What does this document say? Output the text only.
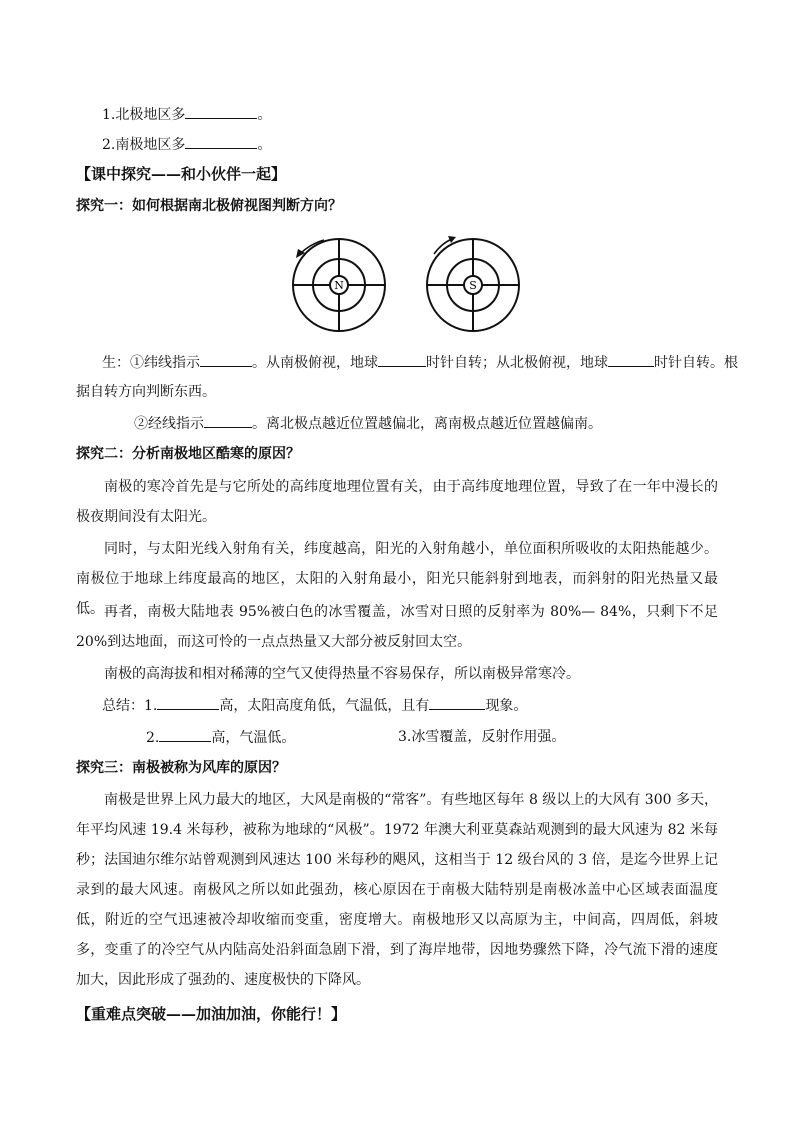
1.北极地区多	。
2.南极地区多	。
【课中探究——和小伙伴一起】
探究一：如何根据南北极俯视图判断方向？
N	S
生：①纬线指示	。从南极俯视，地球	时针自转；从北极俯视，地球	时针自转。根
据自转方向判断东西。
②经线指示	。离北极点越近位置越偏北，离南极点越近位置越偏南。
探究二：分析南极地区酷寒的原因？
南极的寒冷首先是与它所处的高纬度地理位置有关，由于高纬度地理位置，导致了在一年中漫长的极夜期间没有太阳光。
同时，与太阳光线入射角有关，纬度越高，阳光的入射角越小，单位面积所吸收的太阳热能越少。南极位于地球上纬度最高的地区，太阳的入射角最小，阳光只能斜射到地表，而斜射的阳光热量又最低。 再者，南极大陆地表 95%被白色的冰雪覆盖，冰雪对日照的反射率为 80%— 84%，只剩下不足 20%到达地面，而这可怜的一点点热量又大部分被反射回太空。
南极的高海拔和相对稀薄的空气又使得热量不容易保存，所以南极异常寒冷。
总结：1.	高，太阳高度角低，气温低，且有	现象。
2.	高，气温低。	3.冰雪覆盖，反射作用强。
探究三：南极被称为风库的原因？
南极是世界上风力最大的地区，大风是南极的“常客”。有些地区每年 8 级以上的大风有 300 多天，年平均风速 19.4 米每秒，被称为地球的“风极”。1972 年澳大利亚莫森站观测到的最大风速为 82 米每秒；法国迪尔维尔站曾观测到风速达 100 米每秒的飓风，这相当于 12 级台风的 3 倍，是迄今世界上记录到的最大风速。南极风之所以如此强劲，核心原因在于南极大陆特别是南极冰盖中心区域表面温度低，附近的空气迅速被冷却收缩而变重，密度增大。南极地形又以高原为主，中间高，四周低，斜坡多，变重了的冷空气从内陆高处沿斜面急剧下滑，到了海岸地带，因地势骤然下降，冷气流下滑的速度加大，因此形成了强劲的、速度极快的下降风。
【重难点突破——加油加油，你能行！】
